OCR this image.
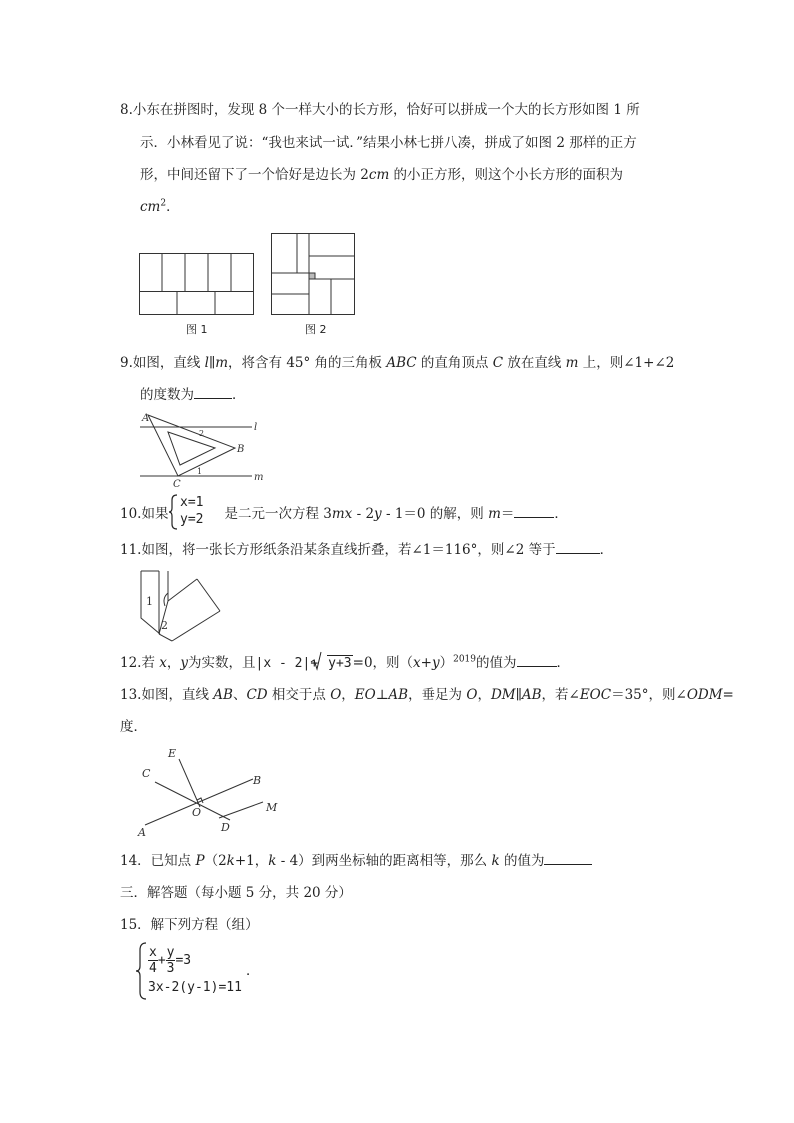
8.小东在拼图时，发现 8 个一样大小的长方形，恰好可以拼成一个大的长方形如图 1 所
示．小林看见了说：“我也来试一试．”结果小林七拼八凑，拼成了如图 2 那样的正方
形，中间还留下了一个恰好是边长为 2cm 的小正方形，则这个小长方形的面积为
$cm^2$．
图 1	图 2
9.如图，直线 l∥m，将含有 45° 角的三角板 ABC 的直角顶点 C 放在直线 m 上，则∠1+∠2
的度数为	．
A
B
C
l
m
2
1
10.如果	是二元一次方程 3mx - 2y - 1＝0 的解，则 m＝	．
x=1
y=2
11.如图，将一张长方形纸条沿某条直线折叠，若∠1＝116°，则∠2 等于	．
1
2
12.若 x，y为实数，且|x - 2|+ y+3=0，则$(x+y)^{2019}$的值为	．
13.如图，直线 AB、CD 相交于点 O，EO⊥AB，垂足为 O，DM∥AB，若∠EOC＝35°，则∠ODM=
度．
A
B
C
D
E
M
O
14．已知点 P（2k+1，k - 4）到两坐标轴的距离相等，那么 k 的值为
三．解答题（每小题 5 分，共 20 分）
15．解下列方程（组）
$\frac{x}{4} + \frac{y}{3} =3$
3x-2(y-1)=11
．
